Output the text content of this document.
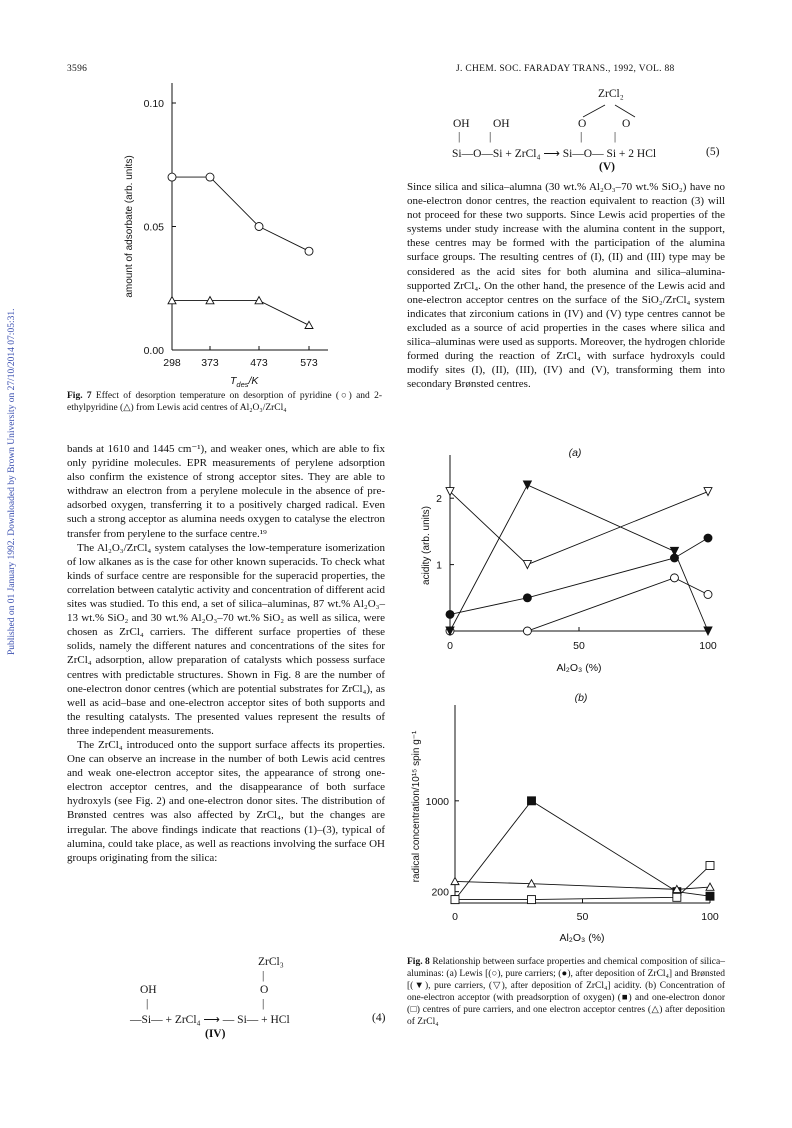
3596	J. CHEM. SOC. FARADAY TRANS., 1992, VOL. 88
Published on 01 January 1992. Downloaded by Brown University on 27/10/2014 07:05:31.	0.00
0.05
0.10
298 373	473	573
amount of adsorbate (arb. units)
$T_{des}/K$
Fig. 7 Effect of desorption temperature on desorption of pyridine (○) and 2-ethylpyridine (△) from Lewis acid centres of Al₂O₃/ZrCl₄

bands at 1610 and 1445 cm⁻¹), and weaker ones, which are able to fix only pyridine molecules. EPR measurements of perylene adsorption also confirm the existence of strong acceptor sites. They are able to withdraw an electron from a perylene molecule in the absence of pre-adsorbed oxygen, transferring it to a positively charged radical. Even such a strong acceptor as alumina needs oxygen to catalyse the electron transfer from perylene to the surface centre.¹⁹

The Al₂O₃/ZrCl₄ system catalyses the low-temperature isomerization of low alkanes as is the case for other known superacids. To check what kinds of surface centre are responsible for the superacid properties, the correlation between catalytic activity and concentration of different acid sites was studied. To this end, a set of silica–aluminas, 87 wt.% Al₂O₃–13 wt.% SiO₂ and 30 wt.% Al₂O₃–70 wt.% SiO₂ as well as silica, were chosen as ZrCl₄ carriers. The different surface properties of these solids, namely the different natures and concentrations of the sites for ZrCl₄ adsorption, allow preparation of catalysts which possess surface centres with predictable structures. Shown in Fig. 8 are the number of one-electron donor centres (which are potential substrates for ZrCl₄), as well as acid–base and one-electron acceptor sites of both supports and the resulting catalysts. The presented values represent the results of three independent measurements.

The ZrCl₄ introduced onto the support surface affects its properties. One can observe an increase in the number of both Lewis acid centres and weak one-electron acceptor sites, the appearance of strong one-electron acceptor centres, and the disappearance of both surface hydroxyls (see Fig. 2) and one-electron donor sites. The distribution of Brønsted centres was also affected by ZrCl₄, but the changes are irregular. The above findings indicate that reactions (1)–(3), typical of alumina, could take place, as well as reactions involving the surface OH groups originating from the silica:

ZrCl₃
|
O
OH
|	|
—Si— + ZrCl₄ ⟶ — Si— + HCl	(4)
(IV)
ZrCl₂
OH OH	O	O
|          |	|           |
Si—O—Si + ZrCl₄ ⟶ Si—O— Si + 2 HCl	(5)
(V)

Since silica and silica–alumna (30 wt.% Al₂O₃–70 wt.% SiO₂) have no one-electron donor centres, the reaction equivalent to reaction (3) will not proceed for these two supports. Since Lewis acid properties of the systems under study increase with the alumina content in the support, these centres may be formed with the participation of the alumina surface groups. The resulting centres of (I), (II) and (III) type may be considered as the acid sites for both alumina and silica–alumina-supported ZrCl₄. On the other hand, the presence of the Lewis acid and one-electron acceptor centres on the surface of the SiO₂/ZrCl₄ system indicates that zirconium cations in (IV) and (V) type centres cannot be excluded as a source of acid properties in the cases where silica and silica–aluminas were used as supports. Moreover, the hydrogen chloride formed during the reaction of ZrCl₄ with surface hydroxyls could modify sites (I), (II), (III), (IV) and (V), transforming them into secondary Brønsted centres.

(a)
1
2
0	50	100
acidity (arb. units)
Al₂O₃ (%)
(b)
200
1000
0	50	100
radical concentration/10¹⁵ spin g⁻¹
Al₂O₃ (%)
Fig. 8 Relationship between surface properties and chemical composition of silica–aluminas: (a) Lewis [(○), pure carriers; (●), after deposition of ZrCl₄] and Brønsted [(▼), pure carriers, (▽), after deposition of ZrCl₄] acidity. (b) Concentration of one-electron acceptor (with preadsorption of oxygen) (■) and one-electron donor (□) centres of pure carriers, and one electron acceptor centres (△) after deposition of ZrCl₄
